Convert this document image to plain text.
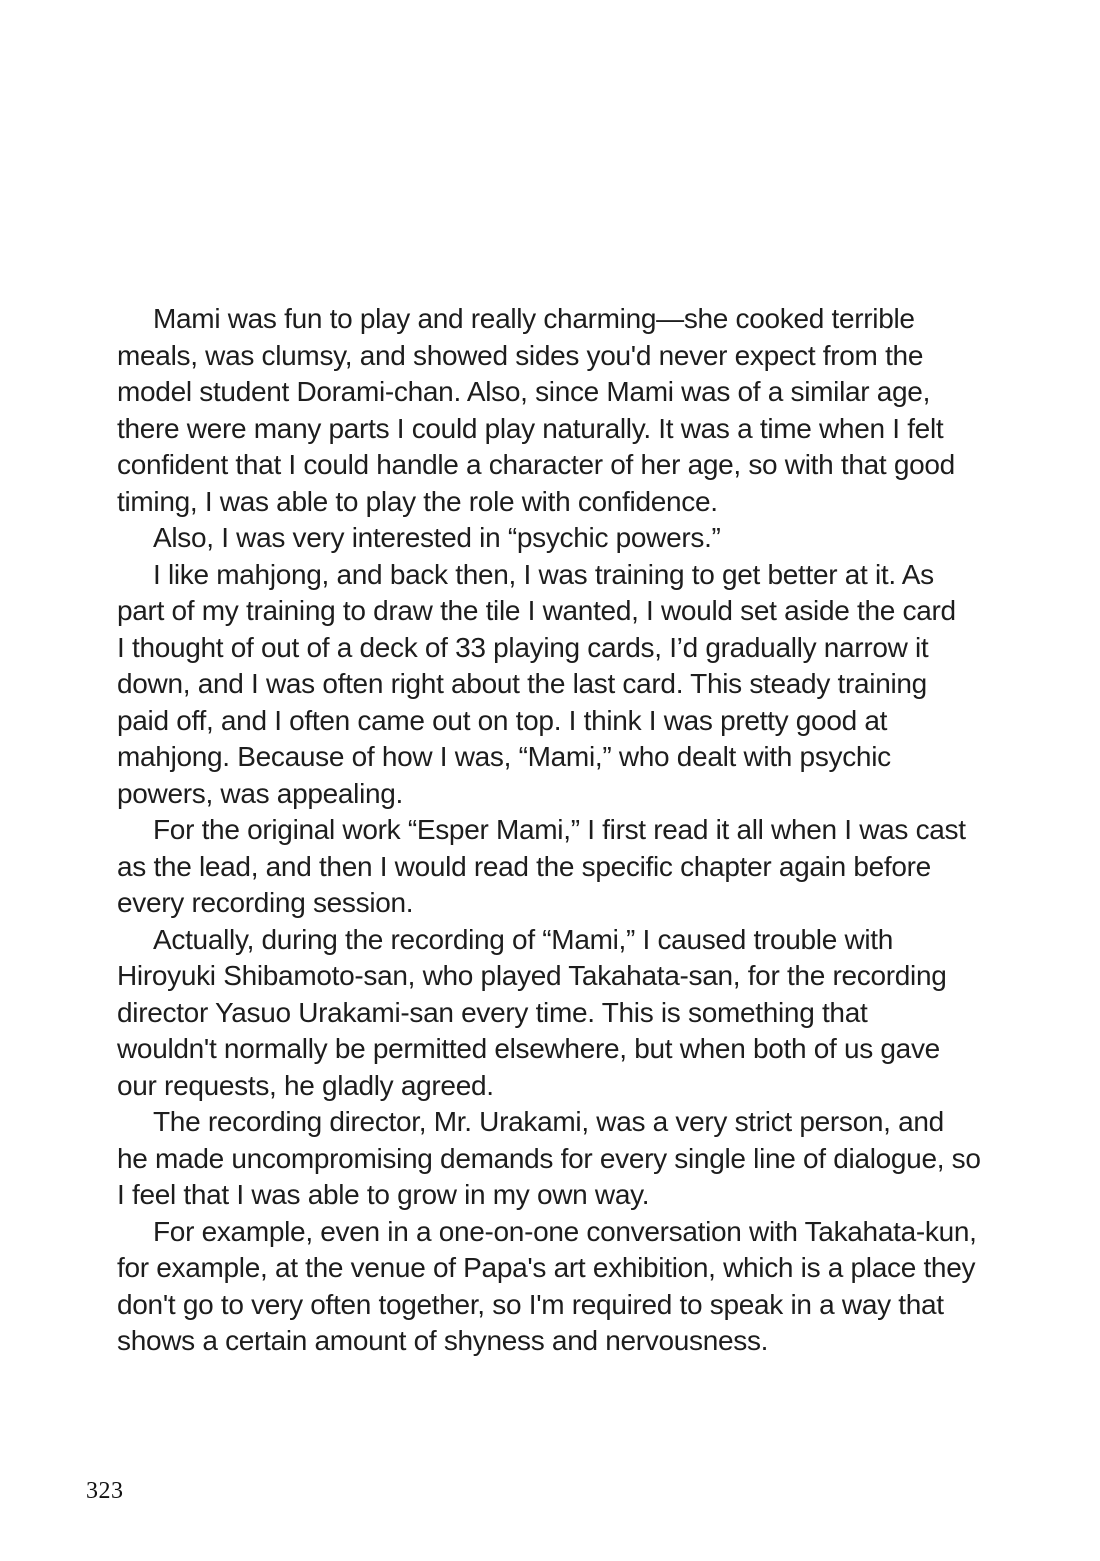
Mami was fun to play and really charming—she cooked terrible
meals, was clumsy, and showed sides you'd never expect from the
model student Dorami-chan. Also, since Mami was of a similar age,
there were many parts I could play naturally. It was a time when I felt
confident that I could handle a character of her age, so with that good
timing, I was able to play the role with confidence.
Also, I was very interested in “psychic powers.”
I like mahjong, and back then, I was training to get better at it. As
part of my training to draw the tile I wanted, I would set aside the card
I thought of out of a deck of 33 playing cards, I’d gradually narrow it
down, and I was often right about the last card. This steady training
paid off, and I often came out on top. I think I was pretty good at
mahjong. Because of how I was, “Mami,” who dealt with psychic
powers, was appealing.
For the original work “Esper Mami,” I first read it all when I was cast
as the lead, and then I would read the specific chapter again before
every recording session.
Actually, during the recording of “Mami,” I caused trouble with
Hiroyuki Shibamoto-san, who played Takahata-san, for the recording
director Yasuo Urakami-san every time. This is something that
wouldn't normally be permitted elsewhere, but when both of us gave
our requests, he gladly agreed.
The recording director, Mr. Urakami, was a very strict person, and
he made uncompromising demands for every single line of dialogue, so
I feel that I was able to grow in my own way.
For example, even in a one-on-one conversation with Takahata-kun,
for example, at the venue of Papa's art exhibition, which is a place they
don't go to very often together, so I'm required to speak in a way that
shows a certain amount of shyness and nervousness.
323
